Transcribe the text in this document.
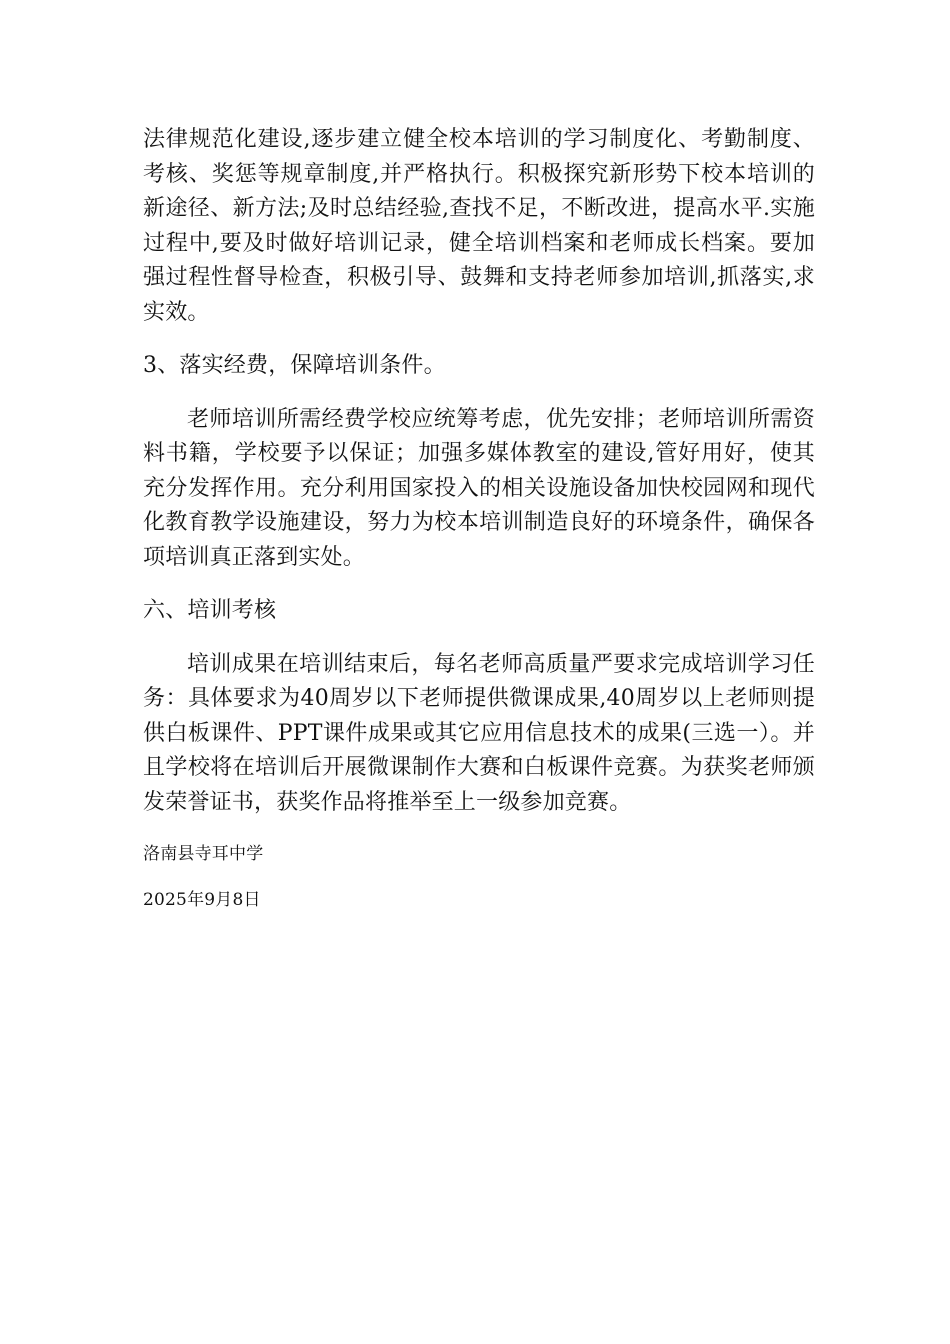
法律规范化建设,逐步建立健全校本培训的学习制度化、考勤制度、考核、奖惩等规章制度,并严格执行。积极探究新形势下校本培训的新途径、新方法;及时总结经验,查找不足，不断改进，提高水平.实施过程中,要及时做好培训记录，健全培训档案和老师成长档案。要加强过程性督导检查，积极引导、鼓舞和支持老师参加培训,抓落实,求实效。

3、落实经费，保障培训条件。

老师培训所需经费学校应统筹考虑，优先安排；老师培训所需资料书籍，学校要予以保证；加强多媒体教室的建设,管好用好，使其充分发挥作用。充分利用国家投入的相关设施设备加快校园网和现代化教育教学设施建设，努力为校本培训制造良好的环境条件，确保各项培训真正落到实处。

六、培训考核

培训成果在培训结束后，每名老师高质量严要求完成培训学习任务：具体要求为40周岁以下老师提供微课成果,40周岁以上老师则提供白板课件、PPT课件成果或其它应用信息技术的成果(三选一）。并且学校将在培训后开展微课制作大赛和白板课件竞赛。为获奖老师颁发荣誉证书，获奖作品将推举至上一级参加竞赛。

洛南县寺耳中学

2025年9月8日
